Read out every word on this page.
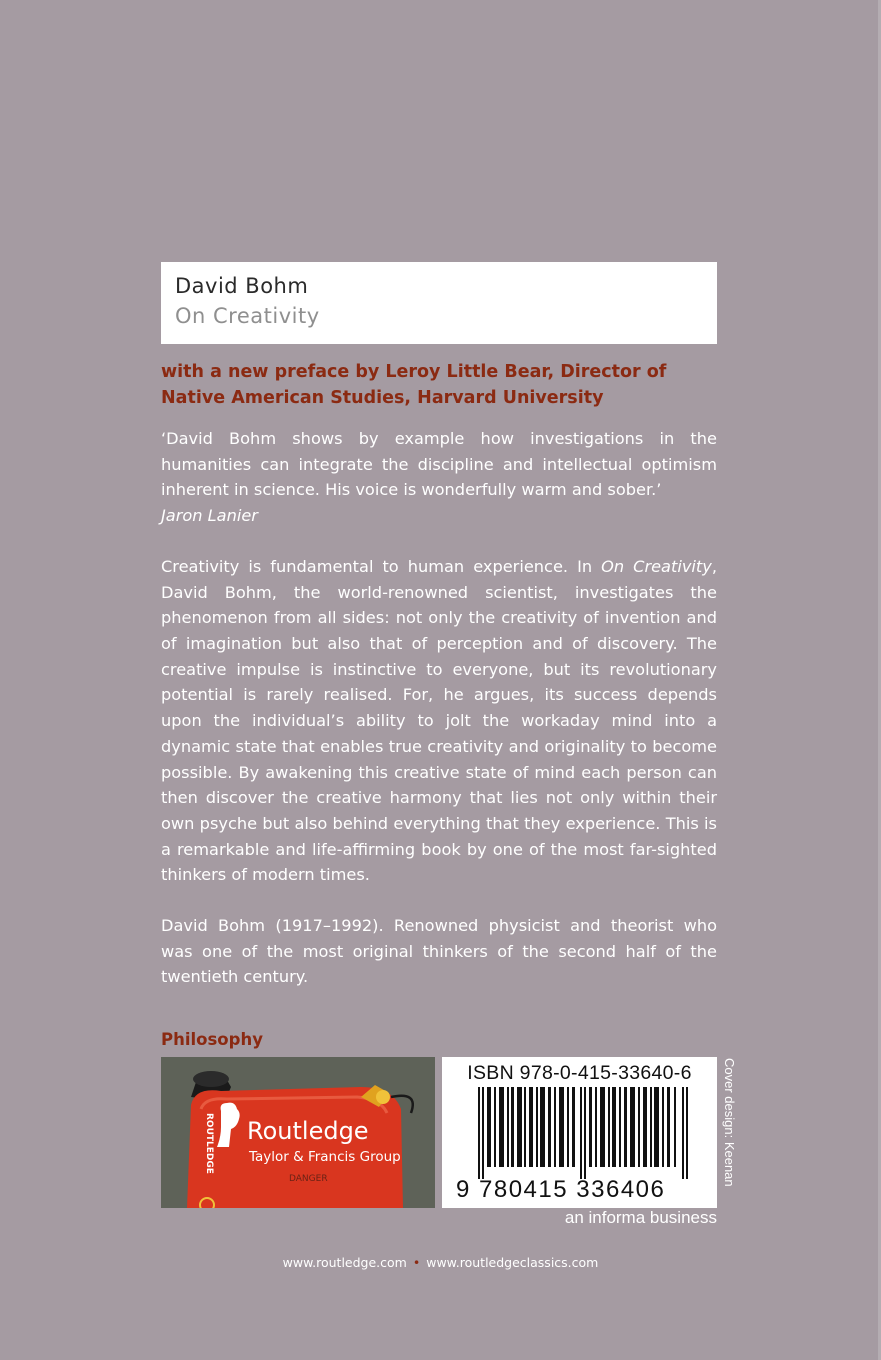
David Bohm
On Creativity
with a new preface by Leroy Little Bear, Director of
Native American Studies, Harvard University
‘David Bohm shows by example how investigations in the
humanities can integrate the discipline and intellectual optimism
inherent in science. His voice is wonderfully warm and sober.’
Jaron Lanier
Creativity is fundamental to human experience. In On Creativity,
David Bohm, the world-renowned scientist, investigates the
phenomenon from all sides: not only the creativity of invention and
of imagination but also that of perception and of discovery. The
creative impulse is instinctive to everyone, but its revolutionary
potential is rarely realised. For, he argues, its success depends
upon the individual’s ability to jolt the workaday mind into a
dynamic state that enables true creativity and originality to become
possible. By awakening this creative state of mind each person can
then discover the creative harmony that lies not only within their
own psyche but also behind everything that they experience. This is
a remarkable and life-affirming book by one of the most far-sighted
thinkers of modern times.
David Bohm (1917–1992). Renowned physicist and theorist who
was one of the most original thinkers of the second half of the
twentieth century.
Philosophy
ROUTLEDGE Routledge
Taylor & Francis Group
DANGER
ISBN 978-0-415-33640-6
9 780415 336406
an informa business
Cover design: Keenan
www.routledge.com • www.routledgeclassics.com
